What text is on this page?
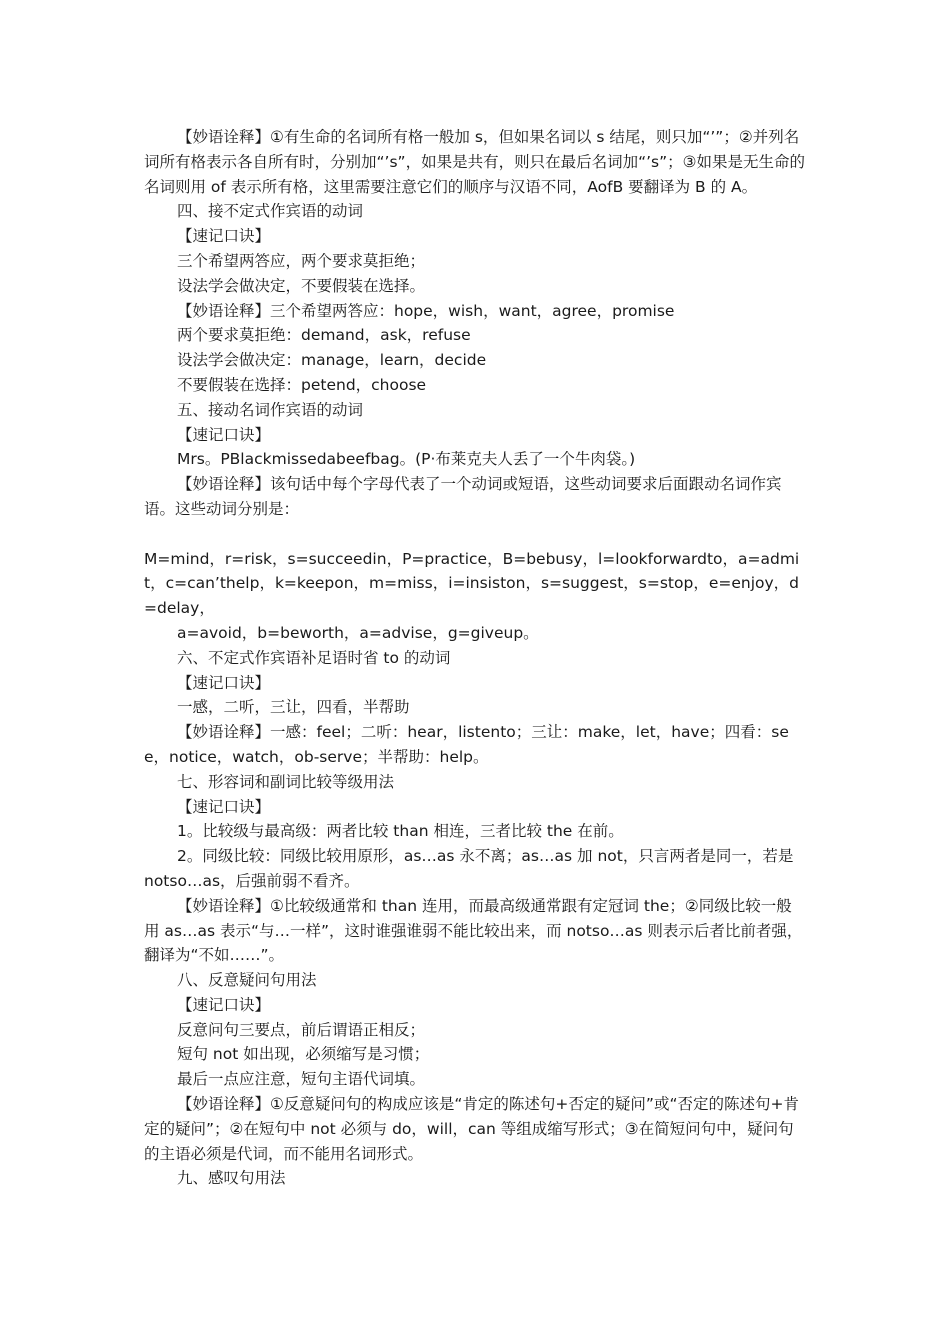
【妙语诠释】①有生命的名词所有格一般加 s，但如果名词以 s 结尾，则只加“’”；②并列名词所有格表示各自所有时，分别加“’s”，如果是共有，则只在最后名词加“’s”；③如果是无生命的名词则用 of 表示所有格，这里需要注意它们的顺序与汉语不同，AofB 要翻译为 B 的 A。

四、接不定式作宾语的动词

【速记口诀】

三个希望两答应，两个要求莫拒绝；

设法学会做决定，不要假装在选择。

【妙语诠释】三个希望两答应：hope，wish，want，agree，promise

两个要求莫拒绝：demand，ask，refuse

设法学会做决定：manage，learn，decide

不要假装在选择：petend，choose

五、接动名词作宾语的动词

【速记口诀】

Mrs。PBlackmissedabeefbag。(P·布莱克夫人丢了一个牛肉袋。)

【妙语诠释】该句话中每个字母代表了一个动词或短语，这些动词要求后面跟动名词作宾语。这些动词分别是：

M=mind，r=risk，s=succeedin，P=practice，B=bebusy，l=lookforwardto，a=admit，c=can’thelp，k=keepon，m=miss，i=insiston，s=suggest，s=stop，e=enjoy，d=delay，

a=avoid，b=beworth，a=advise，g=giveup。

六、不定式作宾语补足语时省 to 的动词

【速记口诀】

一感，二听，三让，四看，半帮助

【妙语诠释】一感：feel；二听：hear，listento；三让：make，let，have；四看：see，notice，watch，ob-serve；半帮助：help。

七、形容词和副词比较等级用法

【速记口诀】

1。比较级与最高级：两者比较 than 相连，三者比较 the 在前。

2。同级比较：同级比较用原形，as…as 永不离；as…as 加 not，只言两者是同一，若是 notso…as，后强前弱不看齐。

【妙语诠释】①比较级通常和 than 连用，而最高级通常跟有定冠词 the；②同级比较一般用 as…as 表示“与…一样”，这时谁强谁弱不能比较出来，而 notso…as 则表示后者比前者强，翻译为“不如……”。

八、反意疑问句用法

【速记口诀】

反意问句三要点，前后谓语正相反；

短句 not 如出现，必须缩写是习惯；

最后一点应注意，短句主语代词填。

【妙语诠释】①反意疑问句的构成应该是“肯定的陈述句+否定的疑问”或“否定的陈述句+肯定的疑问”；②在短句中 not 必须与 do，will，can 等组成缩写形式；③在简短问句中，疑问句的主语必须是代词，而不能用名词形式。

九、感叹句用法
